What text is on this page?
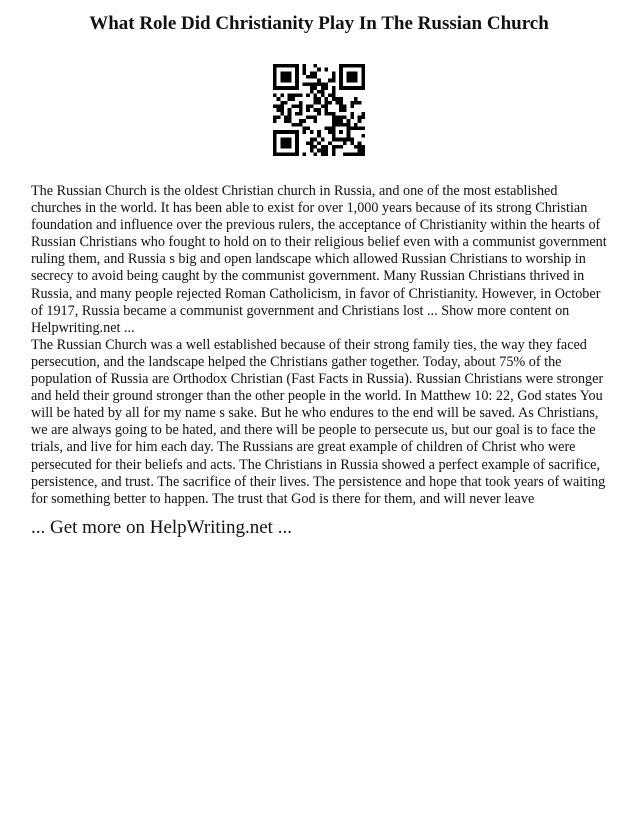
What Role Did Christianity Play In The Russian Church

The Russian Church is the oldest Christian church in Russia, and one of the most established churches in the world. It has been able to exist for over 1,000 years because of its strong Christian foundation and influence over the previous rulers, the acceptance of Christianity within the hearts of Russian Christians who fought to hold on to their religious belief even with a communist government ruling them, and Russia s big and open landscape which allowed Russian Christians to worship in secrecy to avoid being caught by the communist government. Many Russian Christians thrived in Russia, and many people rejected Roman Catholicism, in favor of Christianity. However, in October of 1917, Russia became a communist government and Christians lost ... Show more content on Helpwriting.net ...

The Russian Church was a well established because of their strong family ties, the way they faced persecution, and the landscape helped the Christians gather together. Today, about 75% of the population of Russia are Orthodox Christian (Fast Facts in Russia). Russian Christians were stronger and held their ground stronger than the other people in the world. In Matthew 10: 22, God states You will be hated by all for my name s sake. But he who endures to the end will be saved. As Christians, we are always going to be hated, and there will be people to persecute us, but our goal is to face the trials, and live for him each day. The Russians are great example of children of Christ who were persecuted for their beliefs and acts. The Christians in Russia showed a perfect example of sacrifice, persistence, and trust. The sacrifice of their lives. The persistence and hope that took years of waiting for something better to happen. The trust that God is there for them, and will never leave

... Get more on HelpWriting.net ...
